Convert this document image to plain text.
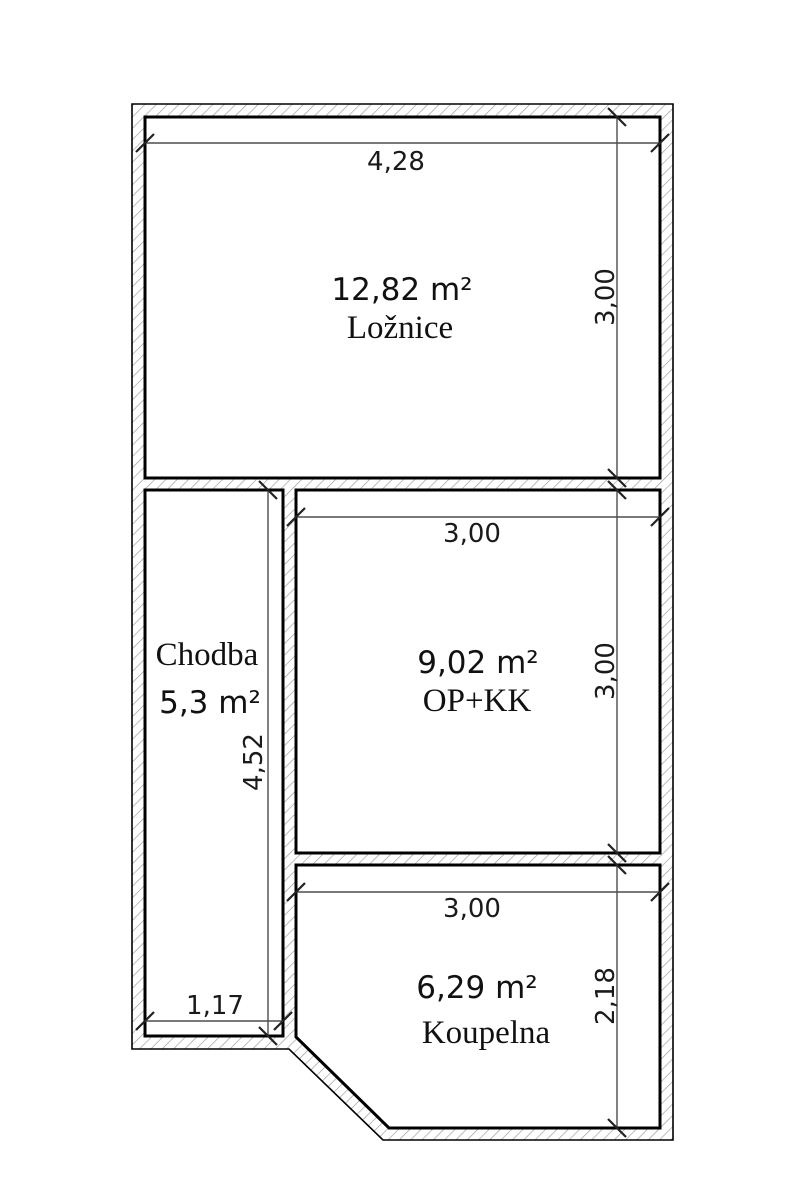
4,28
12,82 m²
Ložnice
3,00
Chodba
5,3 m²
4,52
1,17
3,00
9,02 m²
OP+KK
3,00
3,00
6,29 m²
Koupelna
2,18
